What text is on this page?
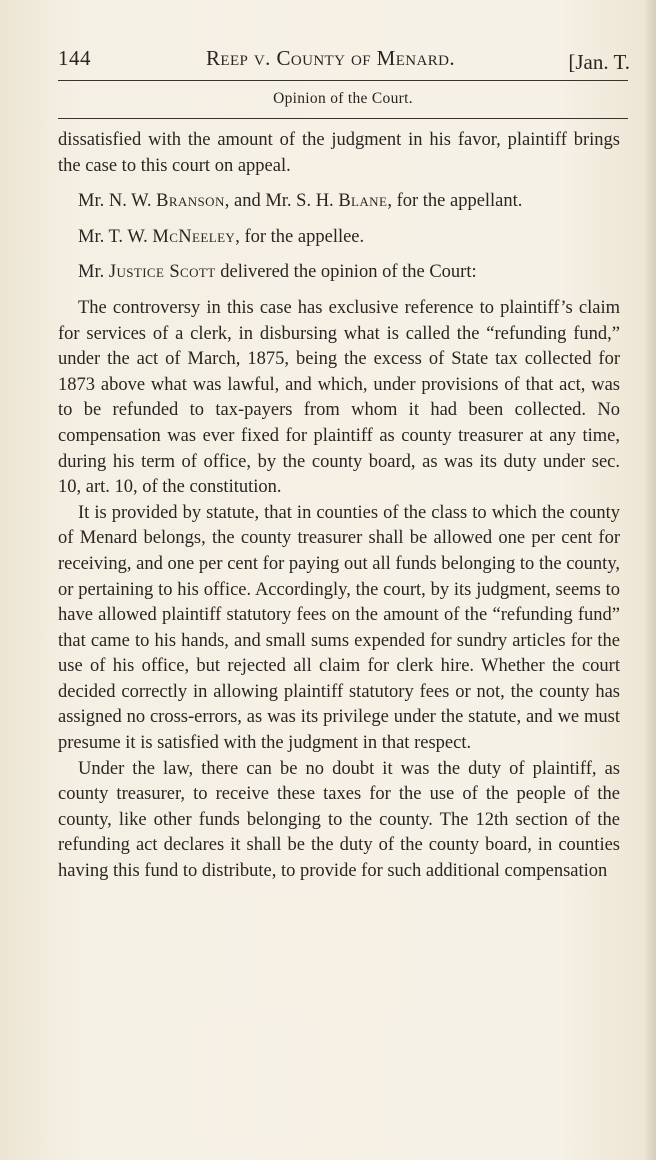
144	Reep v. County of Menard.	[Jan. T.
Opinion of the Court.

dissatisfied with the amount of the judgment in his favor, plaintiff brings the case to this court on appeal.

Mr. N. W. Branson, and Mr. S. H. Blane, for the appellant.

Mr. T. W. McNeeley, for the appellee.

Mr. Justice Scott delivered the opinion of the Court:

The controversy in this case has exclusive reference to plaintiff’s claim for services of a clerk, in disbursing what is called the “refunding fund,” under the act of March, 1875, being the excess of State tax collected for 1873 above what was lawful, and which, under provisions of that act, was to be refunded to tax-payers from whom it had been collected. No compensation was ever fixed for plaintiff as county treasurer at any time, during his term of office, by the county board, as was its duty under sec. 10, art. 10, of the constitution.

It is provided by statute, that in counties of the class to which the county of Menard belongs, the county treasurer shall be allowed one per cent for receiving, and one per cent for paying out all funds belonging to the county, or pertaining to his office. Accordingly, the court, by its judgment, seems to have allowed plaintiff statutory fees on the amount of the “refunding fund” that came to his hands, and small sums expended for sundry articles for the use of his office, but rejected all claim for clerk hire. Whether the court decided correctly in allowing plaintiff statutory fees or not, the county has assigned no cross-errors, as was its privilege under the statute, and we must presume it is satisfied with the judgment in that respect.

Under the law, there can be no doubt it was the duty of plaintiff, as county treasurer, to receive these taxes for the use of the people of the county, like other funds belonging to the county. The 12th section of the refunding act declares it shall be the duty of the county board, in counties having this fund to distribute, to provide for such additional compensation
